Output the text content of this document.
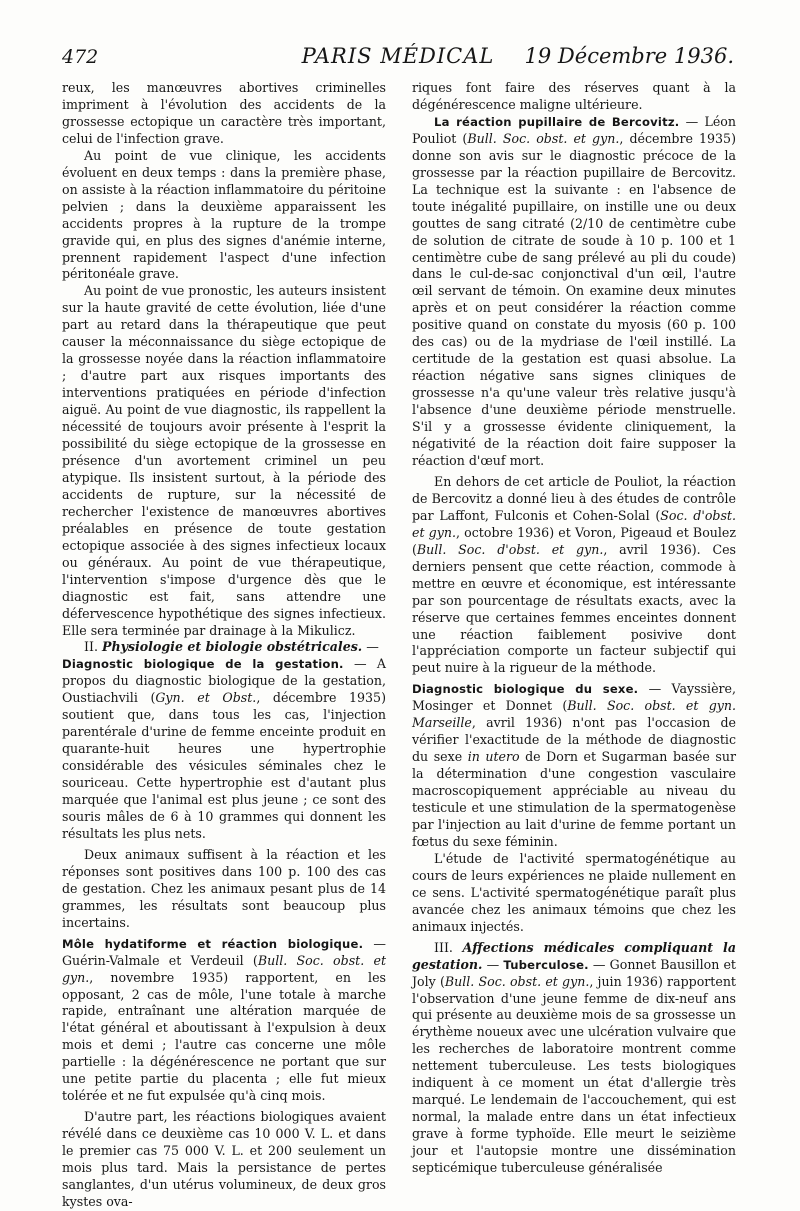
472	PARIS MÉDICAL	19 Décembre 1936.

reux, les manœuvres abortives criminelles impriment à l'évolution des accidents de la grossesse ectopique un caractère très important, celui de l'infection grave.

Au point de vue clinique, les accidents évoluent en deux temps : dans la première phase, on assiste à la réaction inflammatoire du péritoine pelvien ; dans la deuxième apparaissent les accidents propres à la rupture de la trompe gravide qui, en plus des signes d'anémie interne, prennent rapidement l'aspect d'une infection péritonéale grave.

Au point de vue pronostic, les auteurs insistent sur la haute gravité de cette évolution, liée d'une part au retard dans la thérapeutique que peut causer la méconnaissance du siège ectopique de la grossesse noyée dans la réaction inflammatoire ; d'autre part aux risques importants des interventions pratiquées en période d'infection aiguë. Au point de vue diagnostic, ils rappellent la nécessité de toujours avoir présente à l'esprit la possibilité du siège ectopique de la grossesse en présence d'un avortement criminel un peu atypique. Ils insistent surtout, à la période des accidents de rupture, sur la nécessité de rechercher l'existence de manœuvres abortives préalables en présence de toute gestation ectopique associée à des signes infectieux locaux ou généraux. Au point de vue thérapeutique, l'intervention s'impose d'urgence dès que le diagnostic est fait, sans attendre une défervescence hypothétique des signes infectieux. Elle sera terminée par drainage à la Mikulicz.

II. Physiologie et biologie obstétricales. —

Diagnostic biologique de la gestation. — A propos du diagnostic biologique de la gestation, Oustiachvili (Gyn. et Obst., décembre 1935) soutient que, dans tous les cas, l'injection parentérale d'urine de femme enceinte produit en quarante-huit heures une hypertrophie considérable des vésicules séminales chez le souriceau. Cette hypertrophie est d'autant plus marquée que l'animal est plus jeune ; ce sont des souris mâles de 6 à 10 grammes qui donnent les résultats les plus nets.

Deux animaux suffisent à la réaction et les réponses sont positives dans 100 p. 100 des cas de gestation. Chez les animaux pesant plus de 14 grammes, les résultats sont beaucoup plus incertains.

Môle hydatiforme et réaction biologique. — Guérin-Valmale et Verdeuil (Bull. Soc. obst. et gyn., novembre 1935) rapportent, en les opposant, 2 cas de môle, l'une totale à marche rapide, entraînant une altération marquée de l'état général et aboutissant à l'expulsion à deux mois et demi ; l'autre cas concerne une môle partielle : la dégénérescence ne portant que sur une petite partie du placenta ; elle fut mieux tolérée et ne fut expulsée qu'à cinq mois.

D'autre part, les réactions biologiques avaient révélé dans ce deuxième cas 10 000 V. L. et dans le premier cas 75 000 V. L. et 200 seulement un mois plus tard. Mais la persistance de pertes sanglantes, d'un utérus volumineux, de deux gros kystes ova-

riques font faire des réserves quant à la dégénérescence maligne ultérieure.

La réaction pupillaire de Bercovitz. — Léon Pouliot (Bull. Soc. obst. et gyn., décembre 1935) donne son avis sur le diagnostic précoce de la grossesse par la réaction pupillaire de Bercovitz. La technique est la suivante : en l'absence de toute inégalité pupillaire, on instille une ou deux gouttes de sang citraté (2/10 de centimètre cube de solution de citrate de soude à 10 p. 100 et 1 centimètre cube de sang prélevé au pli du coude) dans le cul-de-sac conjonctival d'un œil, l'autre œil servant de témoin. On examine deux minutes après et on peut considérer la réaction comme positive quand on constate du myosis (60 p. 100 des cas) ou de la mydriase de l'œil instillé. La certitude de la gestation est quasi absolue. La réaction négative sans signes cliniques de grossesse n'a qu'une valeur très relative jusqu'à l'absence d'une deuxième période menstruelle. S'il y a grossesse évidente cliniquement, la négativité de la réaction doit faire supposer la réaction d'œuf mort.

En dehors de cet article de Pouliot, la réaction de Bercovitz a donné lieu à des études de contrôle par Laffont, Fulconis et Cohen-Solal (Soc. d'obst. et gyn., octobre 1936) et Voron, Pigeaud et Boulez (Bull. Soc. d'obst. et gyn., avril 1936). Ces derniers pensent que cette réaction, commode à mettre en œuvre et économique, est intéressante par son pourcentage de résultats exacts, avec la réserve que certaines femmes enceintes donnent une réaction faiblement posivive dont l'appréciation comporte un facteur subjectif qui peut nuire à la rigueur de la méthode.

Diagnostic biologique du sexe. — Vayssière, Mosinger et Donnet (Bull. Soc. obst. et gyn. Marseille, avril 1936) n'ont pas l'occasion de vérifier l'exactitude de la méthode de diagnostic du sexe in utero de Dorn et Sugarman basée sur la détermination d'une congestion vasculaire macroscopiquement appréciable au niveau du testicule et une stimulation de la spermatogenèse par l'injection au lait d'urine de femme portant un fœtus du sexe féminin.

L'étude de l'activité spermatogénétique au cours de leurs expériences ne plaide nullement en ce sens. L'activité spermatogénétique paraît plus avancée chez les animaux témoins que chez les animaux injectés.

III. Affections médicales compliquant la gestation. — Tuberculose. — Gonnet Bausillon et Joly (Bull. Soc. obst. et gyn., juin 1936) rapportent l'observation d'une jeune femme de dix-neuf ans qui présente au deuxième mois de sa grossesse un érythème noueux avec une ulcération vulvaire que les recherches de laboratoire montrent comme nettement tuberculeuse. Les tests biologiques indiquent à ce moment un état d'allergie très marqué. Le lendemain de l'accouchement, qui est normal, la malade entre dans un état infectieux grave à forme typhoïde. Elle meurt le seizième jour et l'autopsie montre une dissémination septicémique tuberculeuse généralisée
